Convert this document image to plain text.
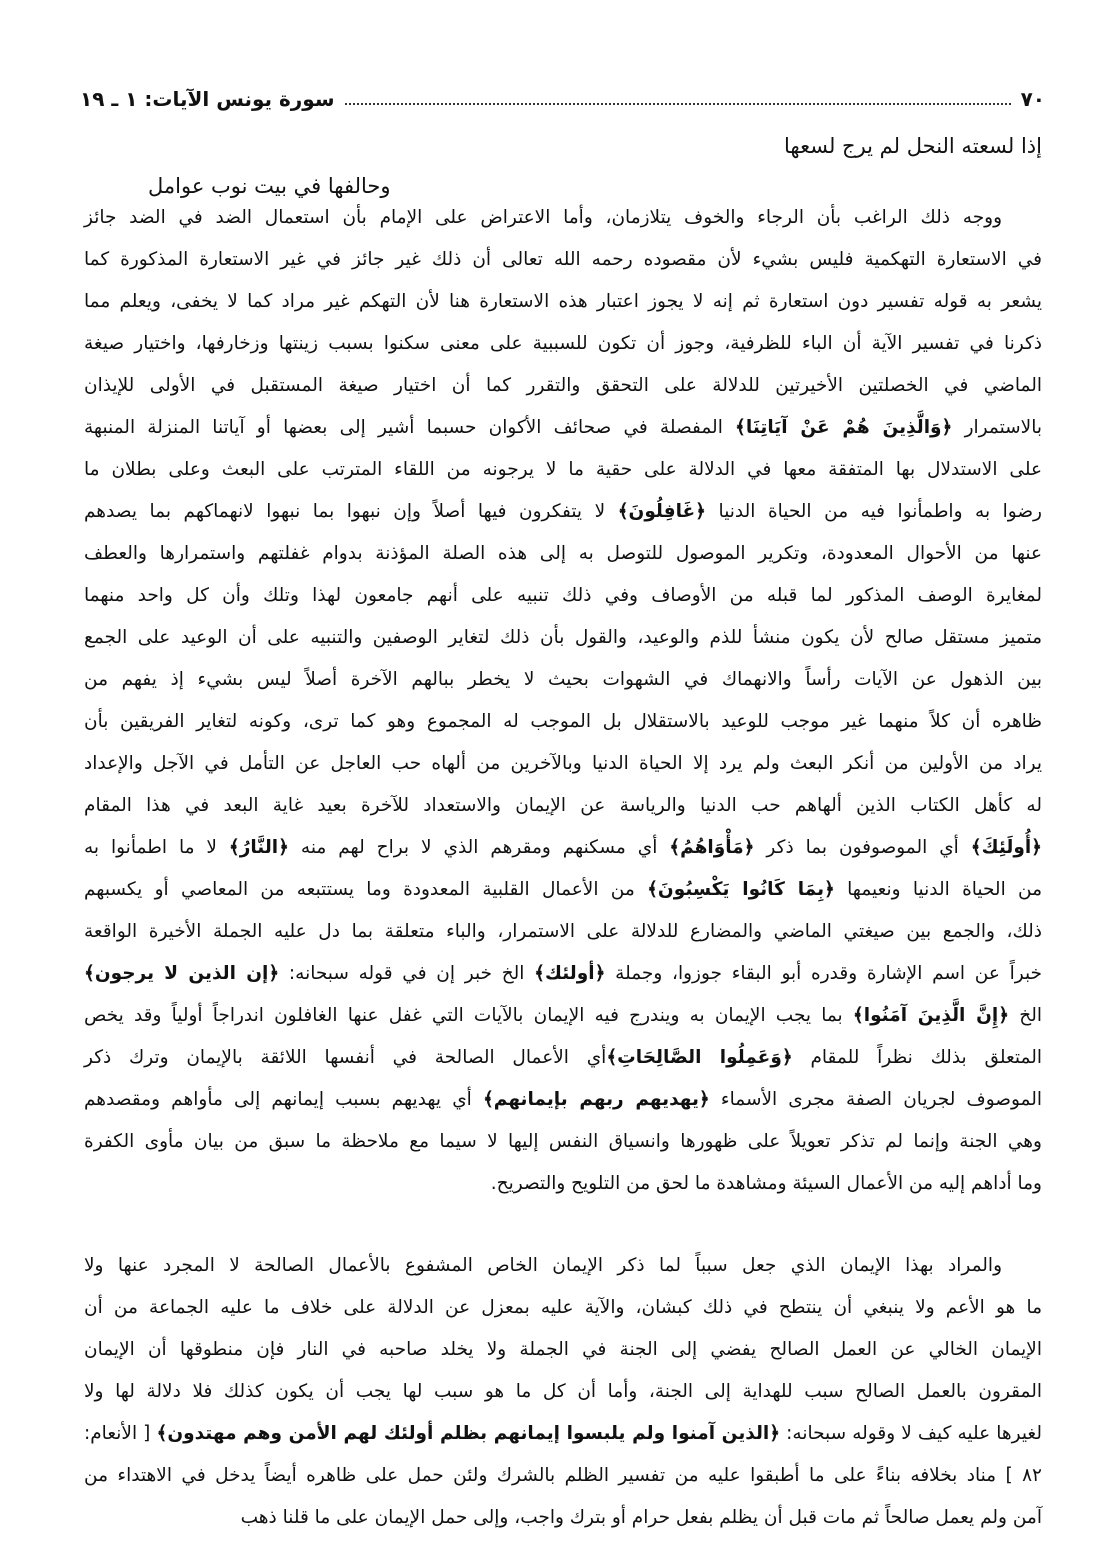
٧٠
سورة يونس الآيات: ١ ـ ١٩
إذا لسعته النحل لم يرج لسعها
وحالفها في بيت نوب عوامل
ووجه ذلك الراغب بأن الرجاء والخوف يتلازمان، وأما الاعتراض على الإمام بأن استعمال الضد في الضد جائز
في الاستعارة التهكمية فليس بشيء لأن مقصوده رحمه الله تعالى أن ذلك غير جائز في غير الاستعارة المذكورة كما
يشعر به قوله تفسير دون استعارة ثم إنه لا يجوز اعتبار هذه الاستعارة هنا لأن التهكم غير مراد كما لا يخفى، ويعلم مما
ذكرنا في تفسير الآية أن الباء للظرفية، وجوز أن تكون للسببية على معنى سكنوا بسبب زينتها وزخارفها، واختيار صيغة
الماضي في الخصلتين الأخيرتين للدلالة على التحقق والتقرر كما أن اختيار صيغة المستقبل في الأولى للإيذان
بالاستمرار ﴿وَالَّذِينَ هُمْ عَنْ آيَاتِنَا﴾ المفصلة في صحائف الأكوان حسبما أشير إلى بعضها أو آياتنا المنزلة المنبهة
على الاستدلال بها المتفقة معها في الدلالة على حقية ما لا يرجونه من اللقاء المترتب على البعث وعلى بطلان ما
رضوا به واطمأنوا فيه من الحياة الدنيا ﴿غَافِلُونَ﴾ لا يتفكرون فيها أصلاً وإن نبهوا بما نبهوا لانهماكهم بما يصدهم
عنها من الأحوال المعدودة، وتكرير الموصول للتوصل به إلى هذه الصلة المؤذنة بدوام غفلتهم واستمرارها والعطف
لمغايرة الوصف المذكور لما قبله من الأوصاف وفي ذلك تنبيه على أنهم جامعون لهذا وتلك وأن كل واحد منهما
متميز مستقل صالح لأن يكون منشأ للذم والوعيد، والقول بأن ذلك لتغاير الوصفين والتنبيه على أن الوعيد على الجمع
بين الذهول عن الآيات رأساً والانهماك في الشهوات بحيث لا يخطر ببالهم الآخرة أصلاً ليس بشيء إذ يفهم من
ظاهره أن كلاً منهما غير موجب للوعيد بالاستقلال بل الموجب له المجموع وهو كما ترى، وكونه لتغاير الفريقين بأن
يراد من الأولين من أنكر البعث ولم يرد إلا الحياة الدنيا وبالآخرين من ألهاه حب العاجل عن التأمل في الآجل والإعداد
له كأهل الكتاب الذين ألهاهم حب الدنيا والرياسة عن الإيمان والاستعداد للآخرة بعيد غاية البعد في هذا المقام
﴿أُولَئِكَ﴾ أي الموصوفون بما ذكر ﴿مَأْوَاهُمُ﴾ أي مسكنهم ومقرهم الذي لا براح لهم منه ﴿النَّارُ﴾ لا ما اطمأنوا به
من الحياة الدنيا ونعيمها ﴿بِمَا كَانُوا يَكْسِبُونَ﴾ من الأعمال القلبية المعدودة وما يستتبعه من المعاصي أو يكسبهم
ذلك، والجمع بين صيغتي الماضي والمضارع للدلالة على الاستمرار، والباء متعلقة بما دل عليه الجملة الأخيرة الواقعة
خبراً عن اسم الإشارة وقدره أبو البقاء جوزوا، وجملة ﴿أولئك﴾ الخ خبر إن في قوله سبحانه: ﴿إن الذين لا يرجون﴾
الخ ﴿إِنَّ الَّذِينَ آمَنُوا﴾ بما يجب الإيمان به ويندرج فيه الإيمان بالآيات التي غفل عنها الغافلون اندراجاً أولياً وقد يخص
المتعلق بذلك نظراً للمقام ﴿وَعَمِلُوا الصَّالِحَاتِ﴾أي الأعمال الصالحة في أنفسها اللائقة بالإيمان وترك ذكر
الموصوف لجريان الصفة مجرى الأسماء ﴿يهديهم ربهم بإيمانهم﴾ أي يهديهم بسبب إيمانهم إلى مأواهم ومقصدهم
وهي الجنة وإنما لم تذكر تعويلاً على ظهورها وانسياق النفس إليها لا سيما مع ملاحظة ما سبق من بيان مأوى الكفرة
وما أداهم إليه من الأعمال السيئة ومشاهدة ما لحق من التلويح والتصريح.
والمراد بهذا الإيمان الذي جعل سبباً لما ذكر الإيمان الخاص المشفوع بالأعمال الصالحة لا المجرد عنها ولا
ما هو الأعم ولا ينبغي أن ينتطح في ذلك كبشان، والآية عليه بمعزل عن الدلالة على خلاف ما عليه الجماعة من أن
الإيمان الخالي عن العمل الصالح يفضي إلى الجنة في الجملة ولا يخلد صاحبه في النار فإن منطوقها أن الإيمان
المقرون بالعمل الصالح سبب للهداية إلى الجنة، وأما أن كل ما هو سبب لها يجب أن يكون كذلك فلا دلالة لها ولا
لغيرها عليه كيف لا وقوله سبحانه: ﴿الذين آمنوا ولم يلبسوا إيمانهم بظلم أولئك لهم الأمن وهم مهتدون﴾ [ الأنعام:
٨٢ ] مناد بخلافه بناءً على ما أطبقوا عليه من تفسير الظلم بالشرك ولئن حمل على ظاهره أيضاً يدخل في الاهتداء من
آمن ولم يعمل صالحاً ثم مات قبل أن يظلم بفعل حرام أو بترك واجب، وإلى حمل الإيمان على ما قلنا ذهب
